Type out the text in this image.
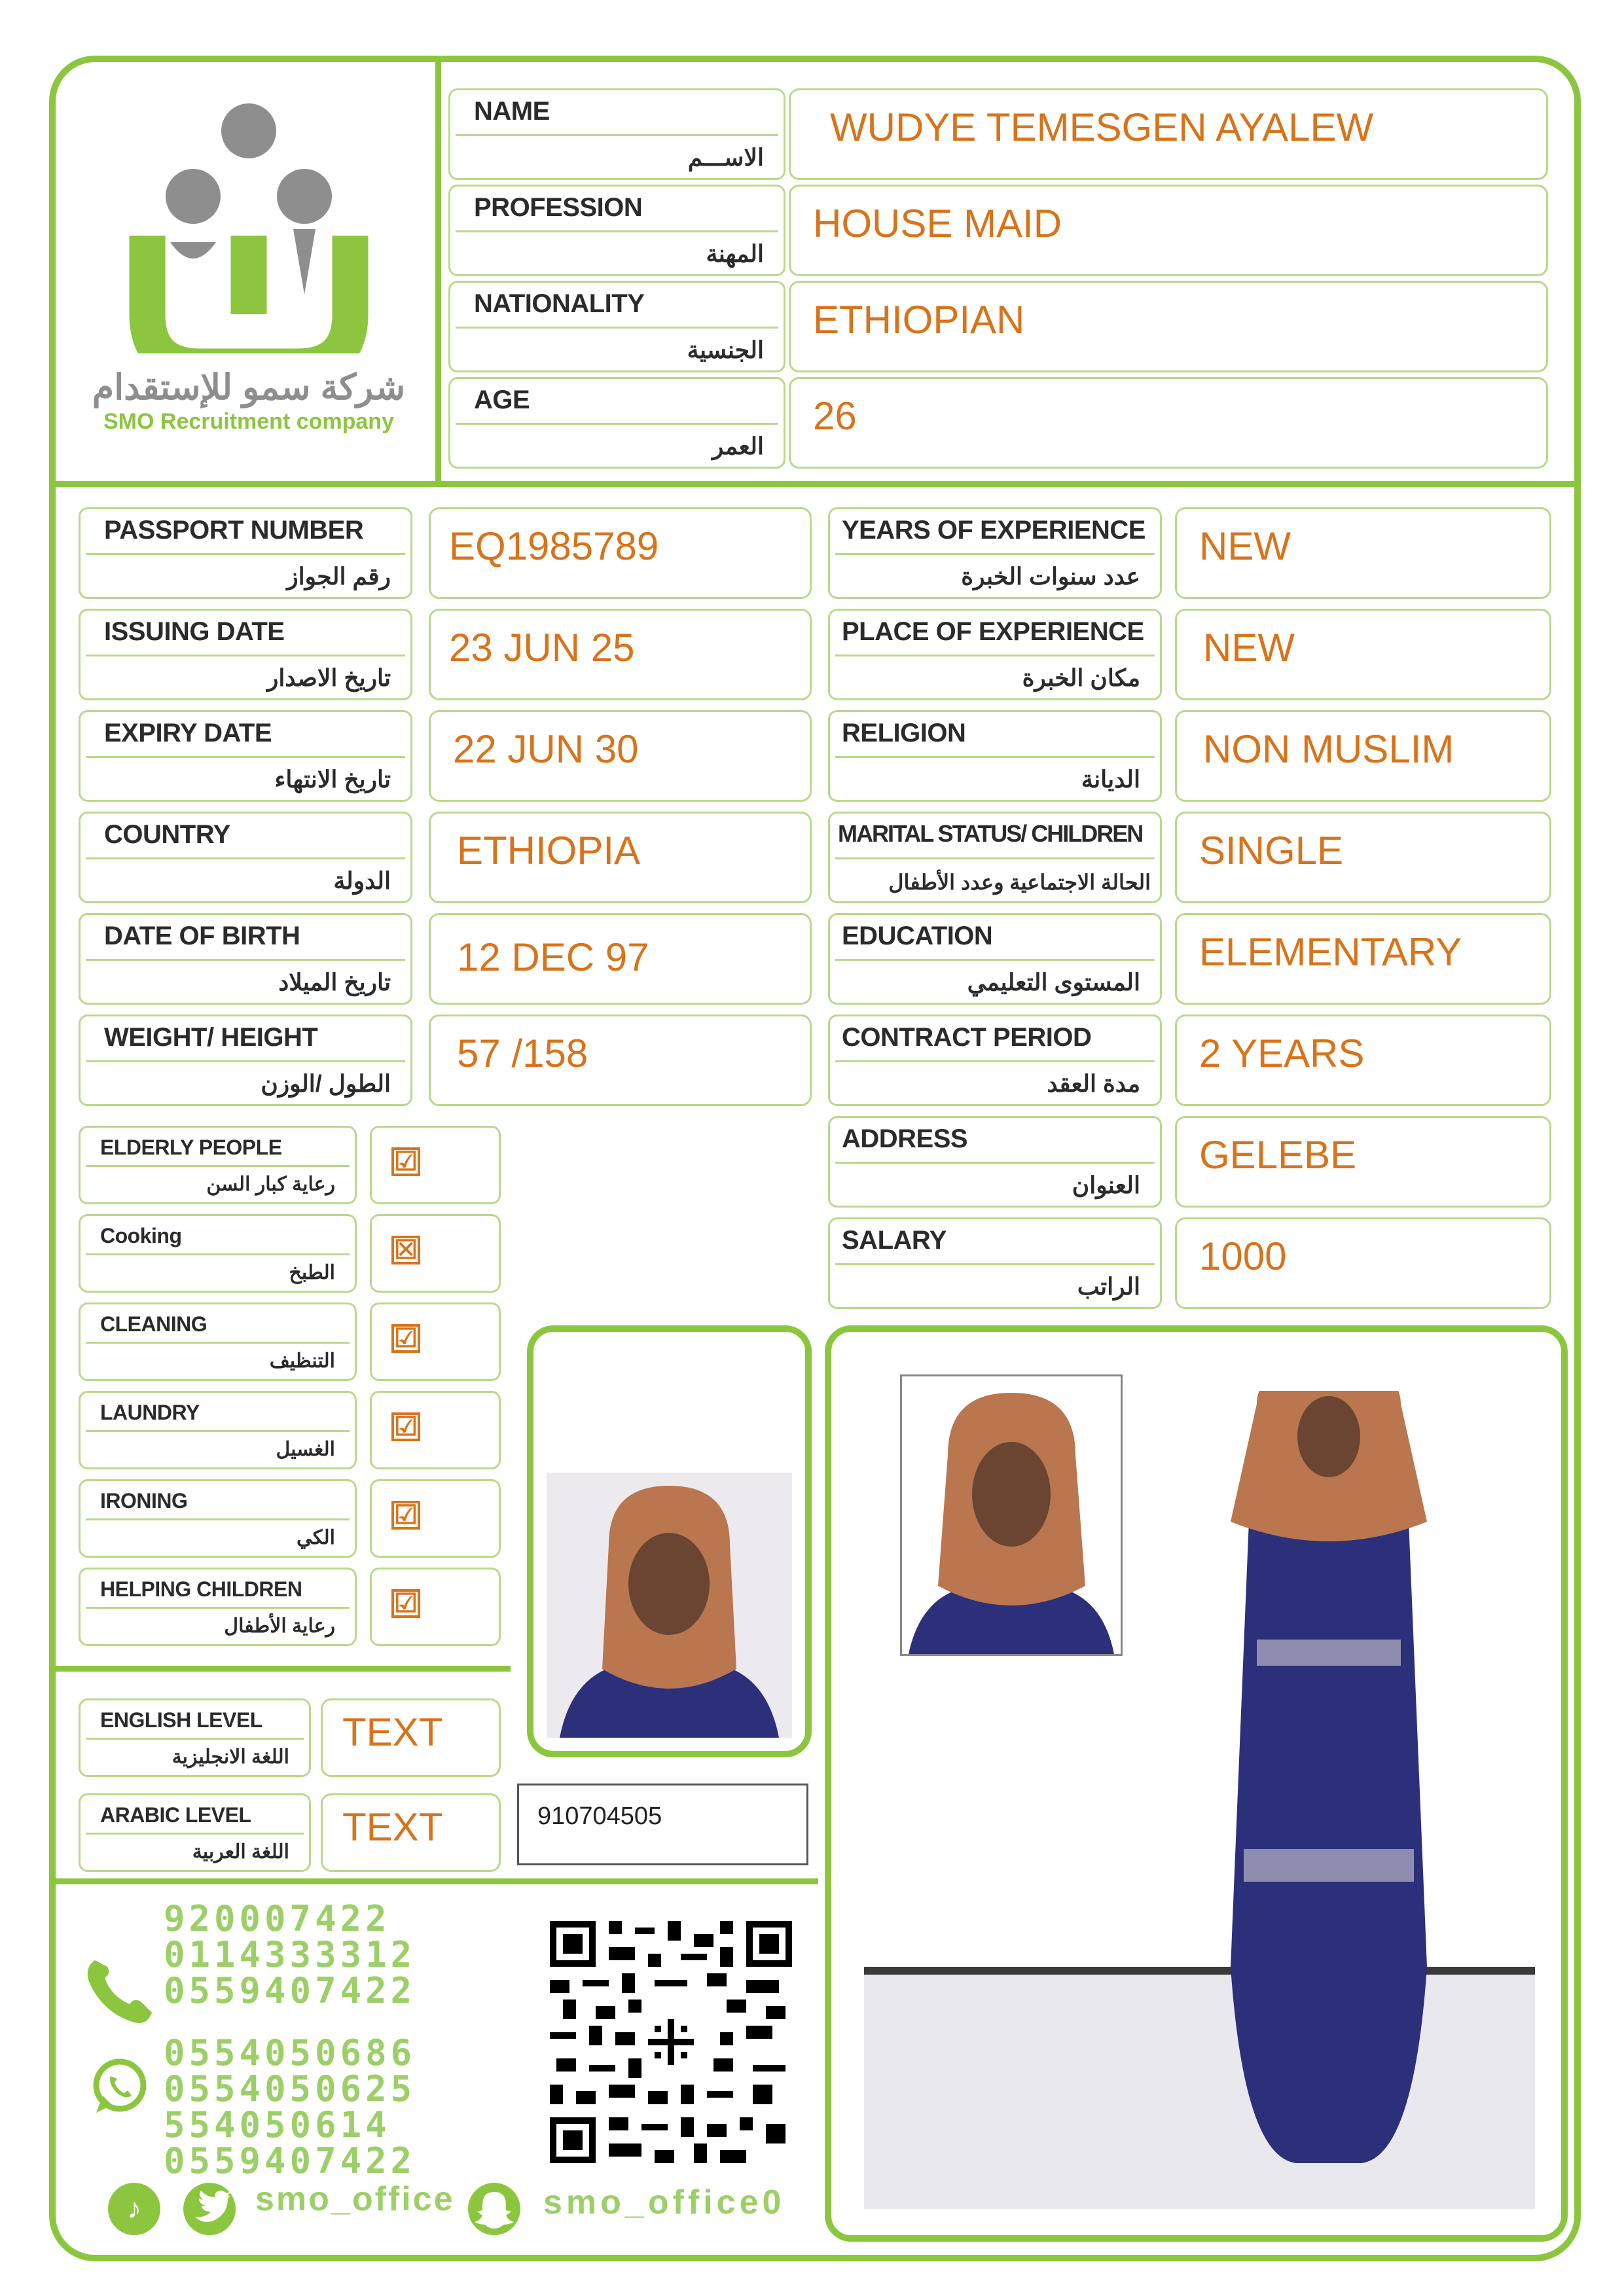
شركة سمو للإستقدام
SMO Recruitment company
NAME
الاســـم
WUDYE TEMESGEN AYALEW
PROFESSION
المهنة
HOUSE MAID
NATIONALITY
الجنسية
ETHIOPIAN
AGE
العمر
26
PASSPORT NUMBER
رقم الجواز
EQ1985789
ISSUING DATE
تاريخ الاصدار
23 JUN 25
EXPIRY DATE
تاريخ الانتهاء
22 JUN 30
COUNTRY
الدولة
ETHIOPIA
DATE OF BIRTH
تاريخ الميلاد
12 DEC 97
WEIGHT/ HEIGHT
الطول /الوزن
57 /158
YEARS OF EXPERIENCE
عدد سنوات الخبرة
NEW
PLACE OF EXPERIENCE
مكان الخبرة
NEW
RELIGION
الديانة
NON MUSLIM
MARITAL STATUS/ CHILDREN
الحالة الاجتماعية وعدد الأطفال
SINGLE
EDUCATION
المستوى التعليمي
ELEMENTARY
CONTRACT PERIOD
مدة العقد
2 YEARS
ADDRESS
العنوان
GELEBE
SALARY
الراتب
1000
ELDERLY PEOPLE
رعاية كبار السن
☑
Cooking
الطبخ
☒
CLEANING
التنظيف
☑
LAUNDRY
الغسيل
☑
IRONING
الكي
☑
HELPING CHILDREN
رعاية الأطفال
☑
ENGLISH LEVEL
اللغة الانجليزية
TEXT
ARABIC LEVEL
اللغة العربية
TEXT	910704505
920007422
0114333312
0559407422
0554050686
0554050625
554050614
0559407422
♪	smo_office	smo_office0
